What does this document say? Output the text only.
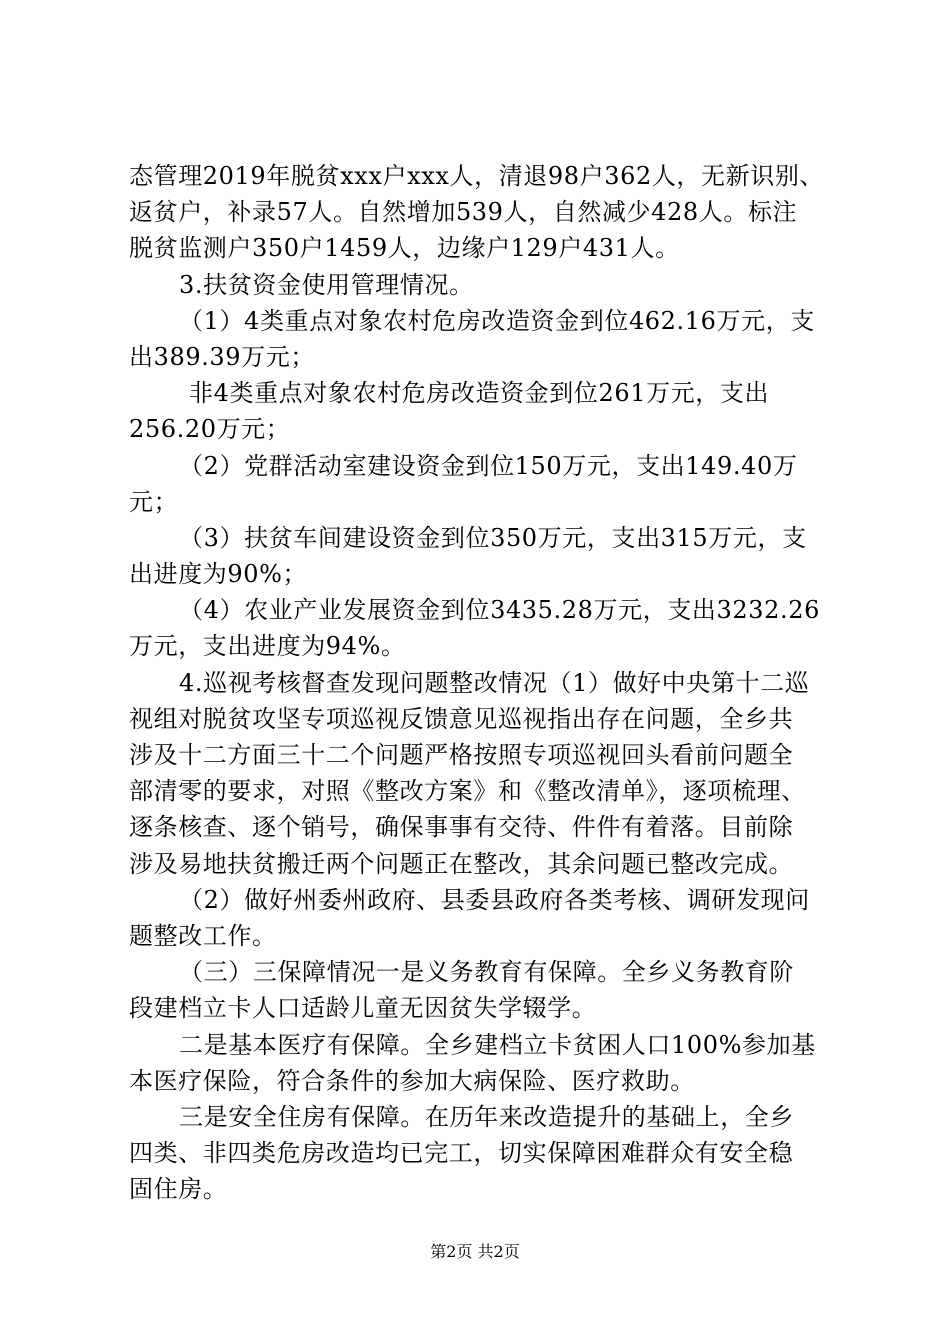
态管理2019年脱贫xxx户xxx人，清退98户362人，无新识别、
返贫户，补录57人。自然增加539人，自然减少428人。标注
脱贫监测户350户1459人，边缘户129户431人。
3.扶贫资金使用管理情况。
（1）4类重点对象农村危房改造资金到位462.16万元，支
出389.39万元；
非4类重点对象农村危房改造资金到位261万元，支出
256.20万元；
（2）党群活动室建设资金到位150万元，支出149.40万
元；
（3）扶贫车间建设资金到位350万元，支出315万元，支
出进度为90%；
（4）农业产业发展资金到位3435.28万元，支出3232.26
万元，支出进度为94%。
4.巡视考核督查发现问题整改情况（1）做好中央第十二巡
视组对脱贫攻坚专项巡视反馈意见巡视指出存在问题，全乡共
涉及十二方面三十二个问题严格按照专项巡视回头看前问题全
部清零的要求，对照《整改方案》和《整改清单》，逐项梳理、
逐条核查、逐个销号，确保事事有交待、件件有着落。目前除
涉及易地扶贫搬迁两个问题正在整改，其余问题已整改完成。
（2）做好州委州政府、县委县政府各类考核、调研发现问
题整改工作。
（三）三保障情况一是义务教育有保障。全乡义务教育阶
段建档立卡人口适龄儿童无因贫失学辍学。
二是基本医疗有保障。全乡建档立卡贫困人口100%参加基
本医疗保险，符合条件的参加大病保险、医疗救助。
三是安全住房有保障。在历年来改造提升的基础上，全乡
四类、非四类危房改造均已完工，切实保障困难群众有安全稳
固住房。
第2页 共2页
